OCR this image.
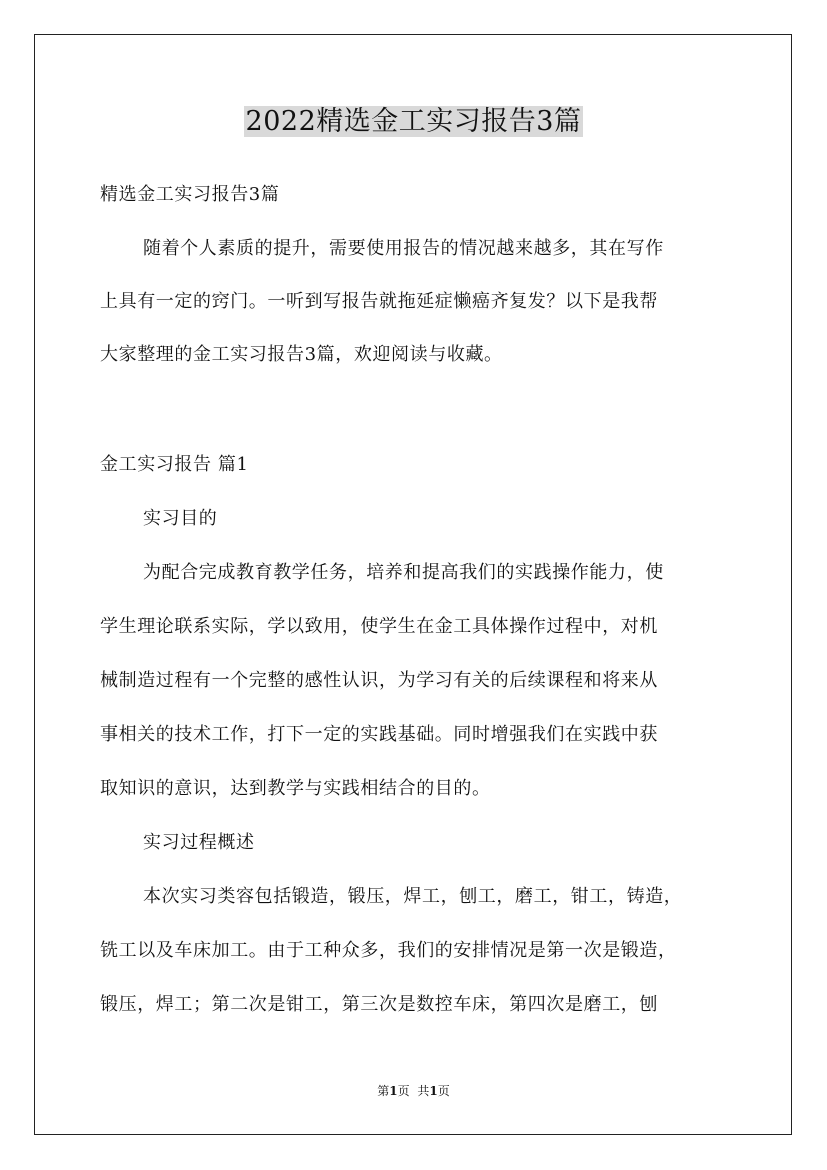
2022精选金工实习报告3篇
精选金工实习报告3篇
随着个人素质的提升，需要使用报告的情况越来越多，其在写作
上具有一定的窍门。一听到写报告就拖延症懒癌齐复发？以下是我帮
大家整理的金工实习报告3篇，欢迎阅读与收藏。
金工实习报告 篇1
实习目的
为配合完成教育教学任务，培养和提高我们的实践操作能力，使
学生理论联系实际，学以致用，使学生在金工具体操作过程中，对机
械制造过程有一个完整的感性认识，为学习有关的后续课程和将来从
事相关的技术工作，打下一定的实践基础。同时增强我们在实践中获
取知识的意识，达到教学与实践相结合的目的。
实习过程概述
本次实习类容包括锻造，锻压，焊工，刨工，磨工，钳工，铸造，
铣工以及车床加工。由于工种众多，我们的安排情况是第一次是锻造，
锻压，焊工；第二次是钳工，第三次是数控车床，第四次是磨工，刨
第1页 共1页
